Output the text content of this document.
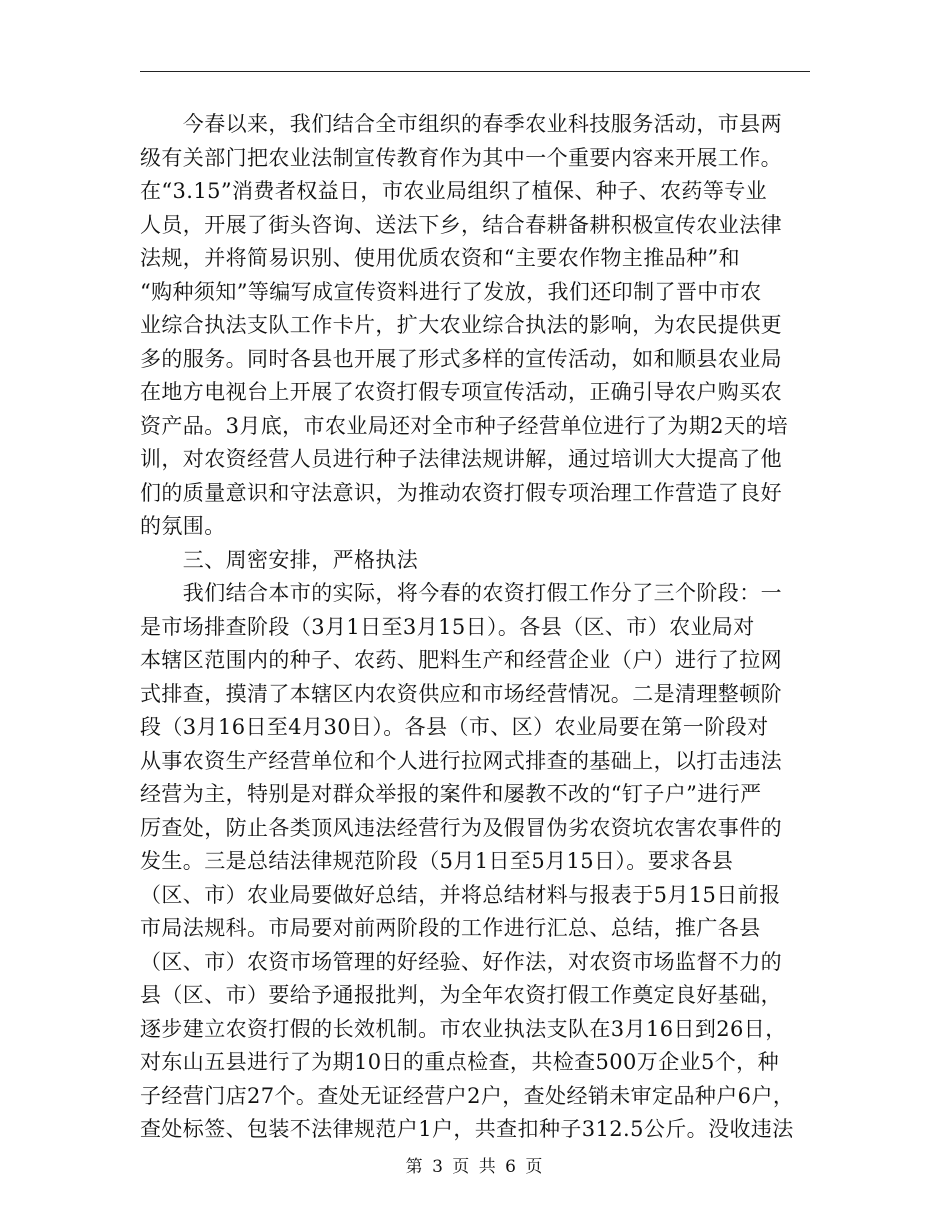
　　今春以来，我们结合全市组织的春季农业科技服务活动，市县两
级有关部门把农业法制宣传教育作为其中一个重要内容来开展工作。
在“3.15”消费者权益日，市农业局组织了植保、种子、农药等专业
人员，开展了街头咨询、送法下乡，结合春耕备耕积极宣传农业法律
法规，并将简易识别、使用优质农资和“主要农作物主推品种”和
“购种须知”等编写成宣传资料进行了发放，我们还印制了晋中市农
业综合执法支队工作卡片，扩大农业综合执法的影响，为农民提供更
多的服务。同时各县也开展了形式多样的宣传活动，如和顺县农业局
在地方电视台上开展了农资打假专项宣传活动，正确引导农户购买农
资产品。3月底，市农业局还对全市种子经营单位进行了为期2天的培
训，对农资经营人员进行种子法律法规讲解，通过培训大大提高了他
们的质量意识和守法意识，为推动农资打假专项治理工作营造了良好
的氛围。
　　三、周密安排，严格执法
　　我们结合本市的实际，将今春的农资打假工作分了三个阶段：一
是市场排查阶段（3月1日至3月15日）。各县（区、市）农业局对
本辖区范围内的种子、农药、肥料生产和经营企业（户）进行了拉网
式排查，摸清了本辖区内农资供应和市场经营情况。二是清理整顿阶
段（3月16日至4月30日）。各县（市、区）农业局要在第一阶段对
从事农资生产经营单位和个人进行拉网式排查的基础上，以打击违法
经营为主，特别是对群众举报的案件和屡教不改的“钉子户”进行严
厉查处，防止各类顶风违法经营行为及假冒伪劣农资坑农害农事件的
发生。三是总结法律规范阶段（5月1日至5月15日）。要求各县
（区、市）农业局要做好总结，并将总结材料与报表于5月15日前报
市局法规科。市局要对前两阶段的工作进行汇总、总结，推广各县
（区、市）农资市场管理的好经验、好作法，对农资市场监督不力的
县（区、市）要给予通报批判，为全年农资打假工作奠定良好基础，
逐步建立农资打假的长效机制。市农业执法支队在3月16日到26日，
对东山五县进行了为期10日的重点检查，共检查500万企业5个，种
子经营门店27个。查处无证经营户2户，查处经销未审定品种户6户，
查处标签、包装不法律规范户1户，共查扣种子312.5公斤。没收违法
第 3 页 共 6 页
